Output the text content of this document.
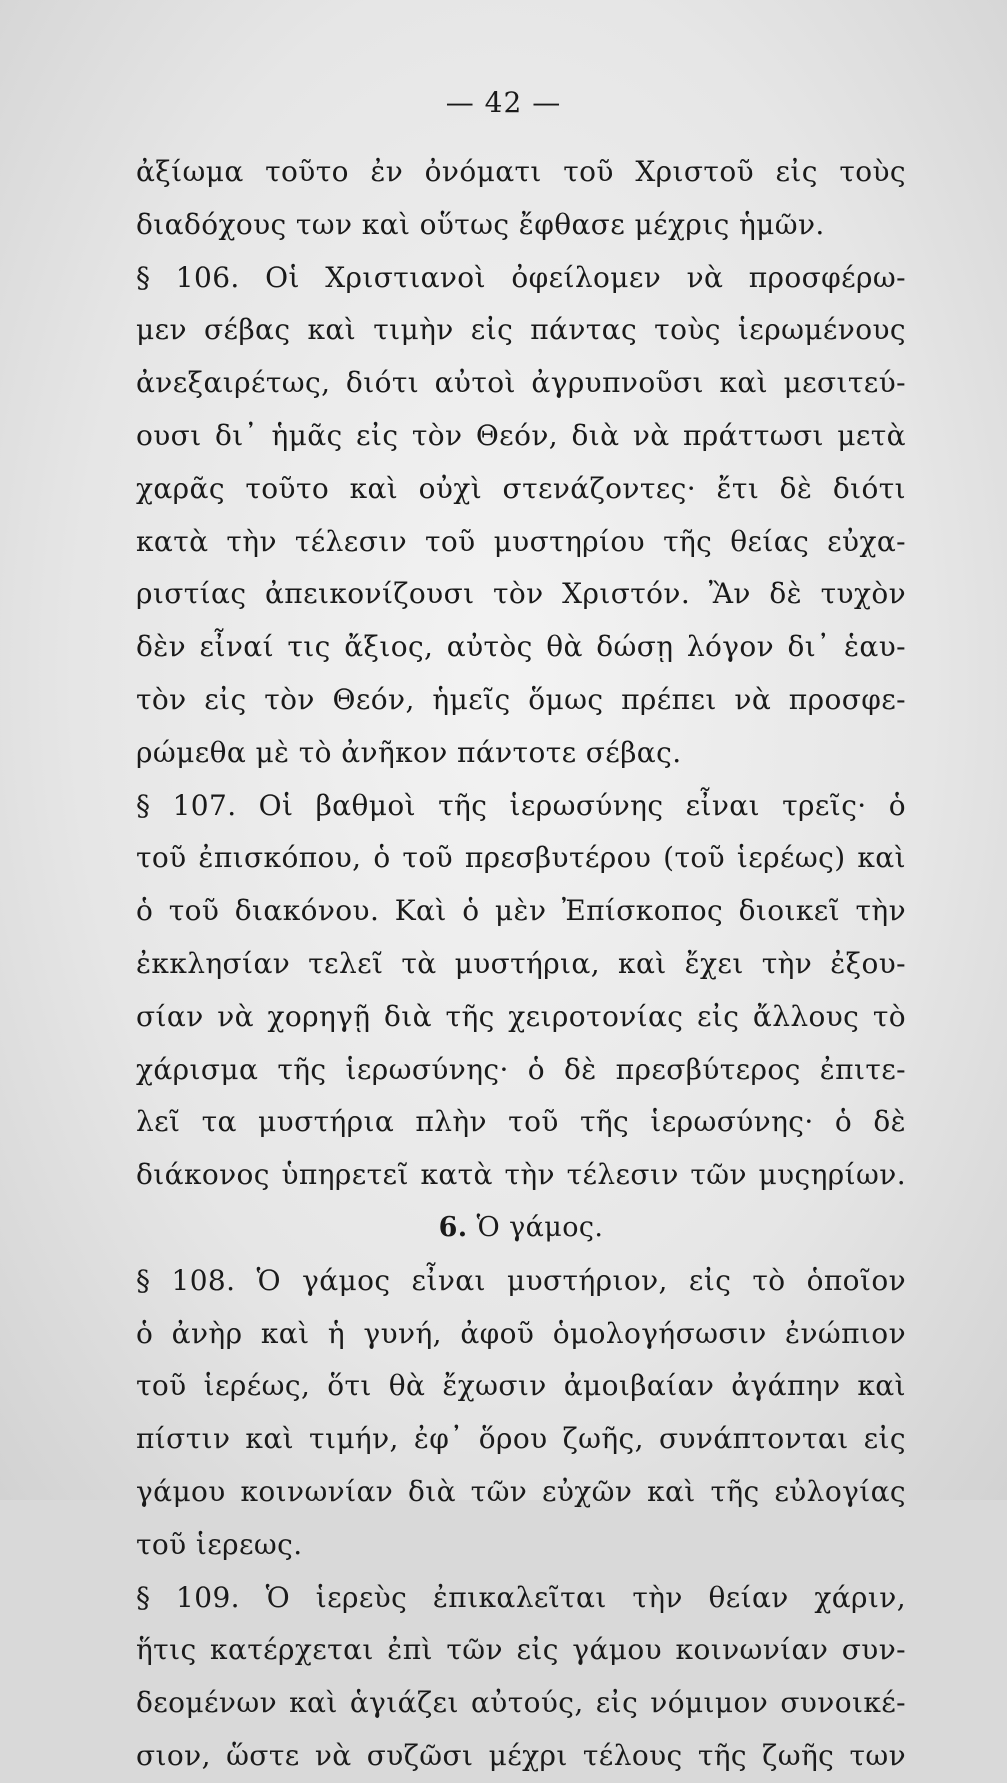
— 42 —
ἀξίωμα τοῦτο ἐν ὀνόματι τοῦ Χριστοῦ εἰς τοὺς
διαδόχους των καὶ οὕτως ἔφθασε μέχρις ἡμῶν.
§ 106. Οἱ Χριστιανοὶ ὀφείλομεν νὰ προσφέρω-
μεν σέβας καὶ τιμὴν εἰς πάντας τοὺς ἱερωμένους
ἀνεξαιρέτως, διότι αὐτοὶ ἀγρυπνοῦσι καὶ μεσιτεύ-
ουσι δι᾿ ἡμᾶς εἰς τὸν Θεόν, διὰ νὰ πράττωσι μετὰ
χαρᾶς τοῦτο καὶ οὐχὶ στενάζοντες· ἔτι δὲ διότι
κατὰ τὴν τέλεσιν τοῦ μυστηρίου τῆς θείας εὐχα-
ριστίας ἀπεικονίζουσι τὸν Χριστόν. Ἂν δὲ τυχὸν
δὲν εἶναί τις ἄξιος, αὐτὸς θὰ δώσῃ λόγον δι᾿ ἑαυ-
τὸν εἰς τὸν Θεόν, ἡμεῖς ὅμως πρέπει νὰ προσφε-
ρώμεθα μὲ τὸ ἀνῆκον πάντοτε σέβας.
§ 107. Οἱ βαθμοὶ τῆς ἱερωσύνης εἶναι τρεῖς· ὁ
τοῦ ἐπισκόπου, ὁ τοῦ πρεσβυτέρου (τοῦ ἱερέως) καὶ
ὁ τοῦ διακόνου. Καὶ ὁ μὲν Ἐπίσκοπος διοικεῖ τὴν
ἐκκλησίαν τελεῖ τὰ μυστήρια, καὶ ἔχει τὴν ἐξου-
σίαν νὰ χορηγῇ διὰ τῆς χειροτονίας εἰς ἄλλους τὸ
χάρισμα τῆς ἱερωσύνης· ὁ δὲ πρεσβύτερος ἐπιτε-
λεῖ τα μυστήρια πλὴν τοῦ τῆς ἱερωσύνης· ὁ δὲ
διάκονος ὑπηρετεῖ κατὰ τὴν τέλεσιν τῶν μυςηρίων.
6. Ὁ γάμος.
§ 108. Ὁ γάμος εἶναι μυστήριον, εἰς τὸ ὁποῖον
ὁ ἀνὴρ καὶ ἡ γυνή, ἀφοῦ ὁμολογήσωσιν ἐνώπιον
τοῦ ἱερέως, ὅτι θὰ ἔχωσιν ἀμοιβαίαν ἀγάπην καὶ
πίστιν καὶ τιμήν, ἐφ᾿ ὅρου ζωῆς, συνάπτονται εἰς
γάμου κοινωνίαν διὰ τῶν εὐχῶν καὶ τῆς εὐλογίας
τοῦ ἱερεως.
§ 109. Ὁ ἱερεὺς ἐπικαλεῖται τὴν θείαν χάριν,
ἥτις κατέρχεται ἐπὶ τῶν εἰς γάμου κοινωνίαν συν-
δεομένων καὶ ἁγιάζει αὐτούς, εἰς νόμιμον συνοικέ-
σιον, ὥστε νὰ συζῶσι μέχρι τέλους τῆς ζωῆς των
